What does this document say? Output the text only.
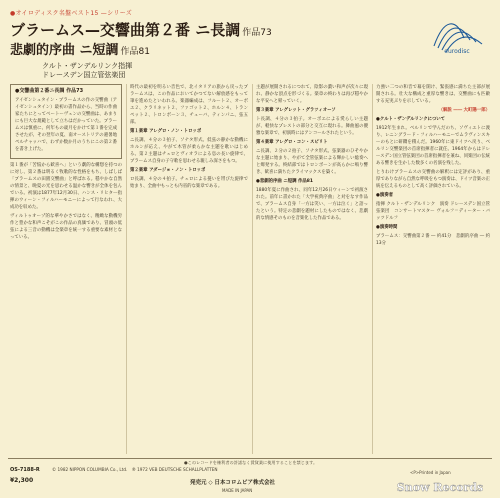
●オイロディスク名盤ベスト15 —シリーズ
ブラームス—交響曲第２番 ニ長調 作品73
悲劇的序曲 ニ短調 作品81
クルト・ザンデルリンク指揮
ドレースデン国立管弦楽団
eurodisc

●交響曲第２番ニ長調 作品73

アイゼンシュタイン・ブラームスの作の交響曲（アイゼンシュタイン）最初の書作品から、当時の作曲家たちにとってベートーヴェンの交響曲は、あまりにも巨大な規範として立ちはだかっていた。ブラームスは慎重に、何年もの歳月をかけて第１番を完成させたが、その翌年の夏、南オーストリアの避暑地ペルチャッハで、わずか数か月のうちにこの第２番を書き上げた。

第１番が「苦悩から歓喜へ」という劇的な構想を持つのに対し、第２番は明るく牧歌的な性格をもち、しばしば「ブラームスの田園交響曲」と呼ばれる。穏やかな自然の情景と、晩夏の光を思わせる温かな響きが全体を包んでいる。初演は1877年12月30日、ハンス・リヒター指揮のウィーン・フィルハーモニーによって行なわれ、大成功を収めた。

ヴィルトゥオーゾ的な華やかさではなく、精緻な動機労作と豊かな和声こそがこの作品の真価であり、冒頭の低弦による三音の動機は全楽章を統一する重要な素材となっている。

時代の最初を明るい音色で、北イタリアの旅から戻ったブラームスは、この作品においてかつてない解放感をもって筆を進めたといわれる。楽器編成は、フルート２、オーボエ２、クラリネット２、ファゴット２、ホルン４、トランペット２、トロンボーン３、チューバ、ティンパニ、弦五部。

第１楽章 アレグロ・ノン・トロッポ

ニ長調、４分の３拍子、ソナタ形式。低弦の静かな動機にホルンが応え、やがて木管が柔らかな主題を歌いはじめる。第２主題はチェロとヴィオラによる息の長い旋律で、ブラームス自身の子守歌を思わせる親しみ深さをもつ。

第２楽章 アダージョ・ノン・トロッポ

ロ長調、４分の４拍子。チェロによる憂いを帯びた旋律で始まり、全曲中もっとも内省的な楽章である。

主題が展開されるにつれて、陰影の濃い和声が次々に現れ、静かな頂点を形づくる。楽章の終わりは再び穏やかな平安へと帰っていく。

第３楽章 アレグレット・グラツィオーソ

ト長調、４分の３拍子。オーボエによる愛らしい主題が、軽快なプレストの部分と交互に現れる。舞曲風の優雅な楽章で、初演時にはアンコールされたという。

第４楽章 アレグロ・コン・スピリト

ニ長調、２分の２拍子、ソナタ形式。弦楽器のひそやかな主題に始まり、やがて全管弦楽による輝かしい総奏へと爆発する。終結部ではトロンボーンが高らかに鳴り響き、歓喜に満ちたクライマックスを築く。

●悲劇的序曲 ニ短調 作品81

1880年夏に作曲され、同年12月26日ウィーンで初演された。前年に書かれた「大学祝典序曲」と対をなす作品で、ブラームス自身「一方は笑い、一方は泣く」と語ったという。特定の悲劇を題材にしたものではなく、悲劇的な情感そのものを音楽化した作品である。

力強い二つの和音で幕を開け、緊張感に満ちた主部が展開される。壮大な構成と重厚な響きは、交響曲にも匹敵する充実ぶりを示している。

（解説 ―― 大町陽一郎）

●クルト・ザンデルリンクについて

1912年生まれ。ベルリンで学んだのち、ソヴィエトに渡り、レニングラード・フィルハーモニーでムラヴィンスキーのもとに研鑽を積んだ。1960年に東ドイツへ戻り、ベルリン交響楽団の首席指揮者に就任。1964年からはドレースデン国立管弦楽団の首席指揮者を兼ね、同楽団の伝統ある響きを生かした数多くの名演を残した。

とりわけブラームスの交響曲の解釈には定評があり、重厚でありながら自然な呼吸をもつ演奏は、ドイツ音楽の正統を伝えるものとして高く評価されている。

●演奏者

指揮 クルト・ザンデルリンク　演奏 ドレースデン国立管弦楽団　コンサートマスター ヴォルフ＝ディーター・バッツドルフ

●演奏時間

ブラームス：交響曲第２番 ― 約41分　悲劇的序曲 ― 約13分

OS-7188-R	© 1982 NIPPON COLUMBIA Co., Ltd.　® 1972 VEB DEUTSCHE SCHALLPLATTEN
¥2,300
●このレコードを権利者の許諾なく賃貸業に使用することを禁じます。
発売元 ◇ 日本コロムビア株式会社
MADE IN JAPAN
<P>Printed in Japan
Snow Records
